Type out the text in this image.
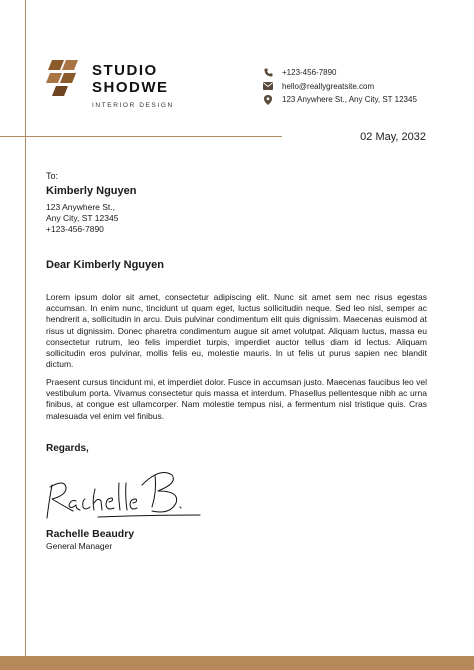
STUDIO
SHODWE
INTERIOR DESIGN
+123-456-7890
hello@reallygreatsite.com
123 Anywhere St., Any City, ST 12345
02 May, 2032
To:
Kimberly Nguyen
123 Anywhere St.,
Any City, ST 12345
+123-456-7890
Dear Kimberly Nguyen

Lorem ipsum dolor sit amet, consectetur adipiscing elit. Nunc sit amet sem nec risus egestas accumsan. In enim nunc, tincidunt ut quam eget, luctus sollicitudin neque. Sed leo nisl, semper ac hendrerit a, sollicitudin in arcu. Duis pulvinar condimentum elit quis dignissim. Maecenas euismod at risus ut dignissim. Donec pharetra condimentum augue sit amet volutpat. Aliquam luctus, massa eu consectetur rutrum, leo felis imperdiet turpis, imperdiet auctor tellus diam id lectus. Aliquam sollicitudin eros pulvinar, mollis felis eu, molestie mauris. In ut felis ut purus sapien nec blandit dictum.

Praesent cursus tincidunt mi, et imperdiet dolor. Fusce in accumsan justo. Maecenas faucibus leo vel vestibulum porta. Vivamus consectetur quis massa et interdum. Phasellus pellentesque nibh ac urna finibus, at congue est ullamcorper. Nam molestie tempus nisi, a fermentum nisl tristique quis. Cras malesuada vel enim vel finibus.

Regards,
Rachelle Beaudry
General Manager
